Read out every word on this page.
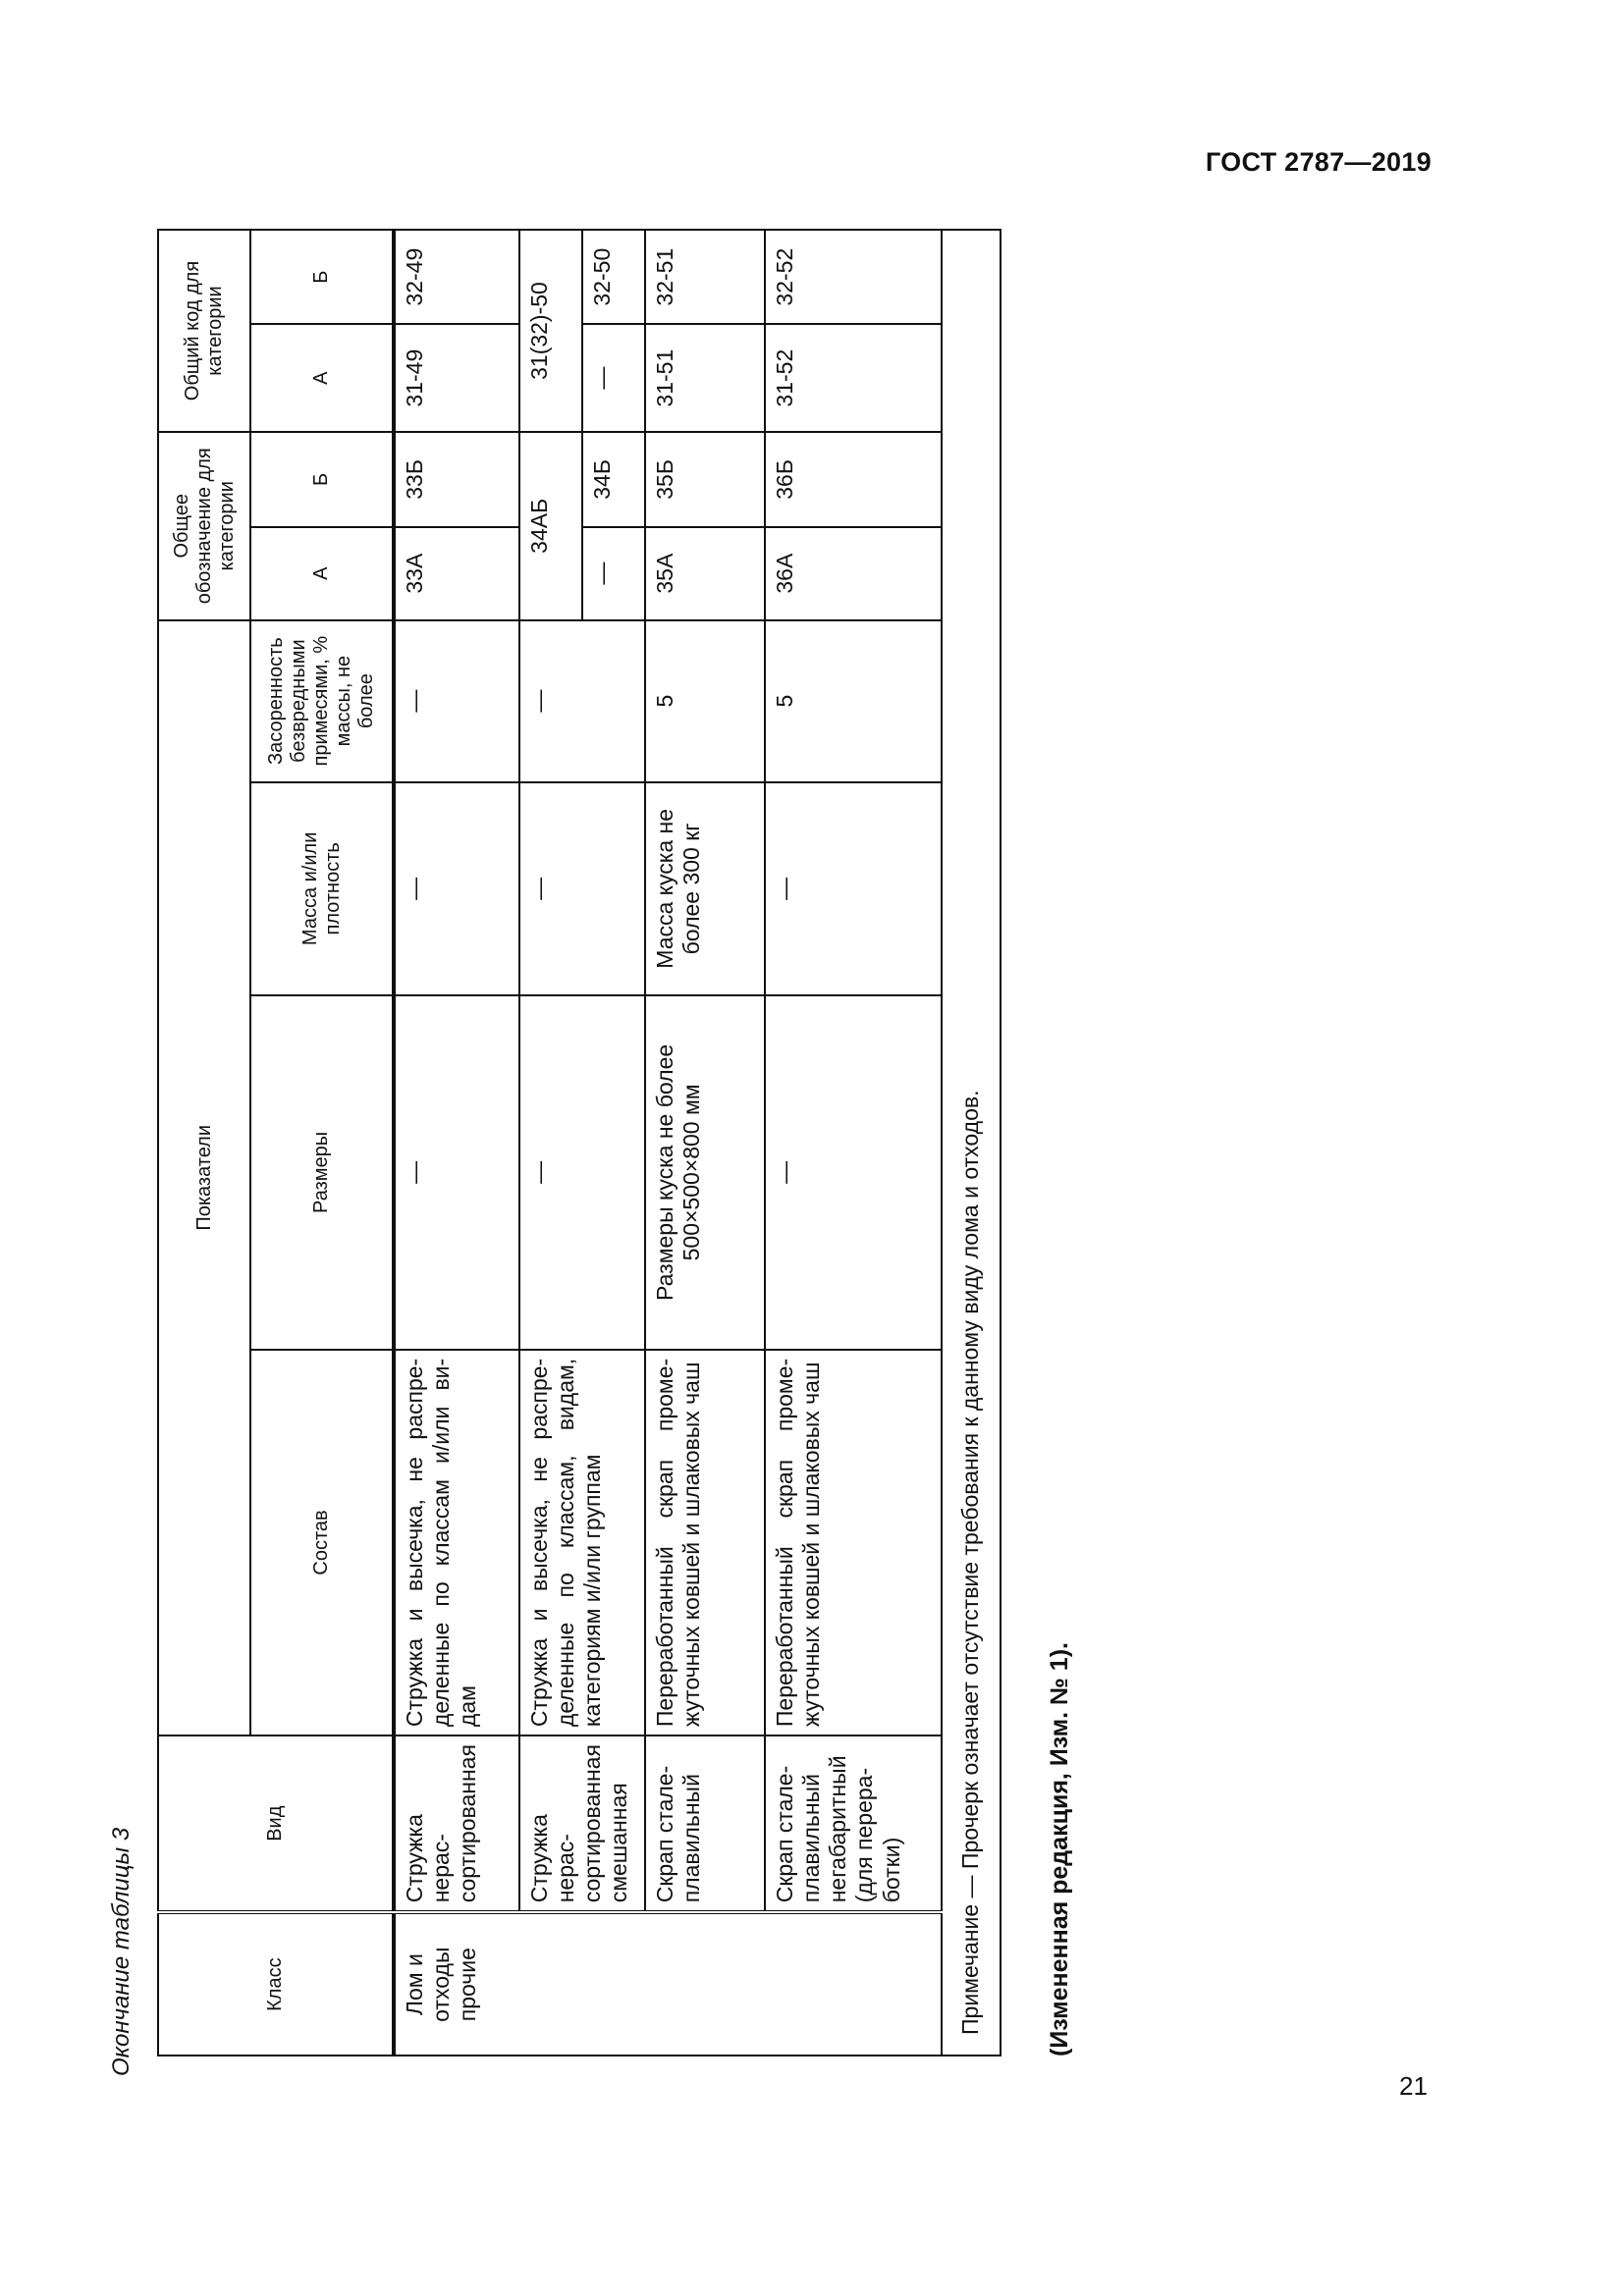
ГОСТ 2787—2019
Окончание таблицы 3	Класс	Вид	Показатели				Общее обозначение для категории		Общий код для категории	
		Состав	Размеры	Масса и/или плотность	Засоренность безвредными примесями, % массы, не более	А	Б	А	Б
Лом и отходы прочие	Стружка нерас-сортированная	Стружка и высечка, не распре-деленные по классам и/или ви-дам	—	—	—	33А	33Б	31-49	32-49
	Стружка нерас-сортированная смешанная	Стружка и высечка, не распре-деленные по классам, видам, категориям и/или группам	—	—	—	34АБ		31(32)-50	
						—	34Б	—	32-50
	Скрап стале-плавильный	Переработанный скрап проме-жуточных ковшей и шлаковых чаш	Размеры куска не более 500×500×800 мм	Масса куска не более 300 кг	5	35А	35Б	31-51	32-51
	Скрап стале-плавильный негабаритный (для перера-ботки)	Переработанный скрап проме-жуточных ковшей и шлаковых чаш	—	—	5	36А	36Б	31-52	32-52
Примечание — Прочерк означает отсутствие требования к данному виду лома и отходов.										(Измененная редакция, Изм. № 1).
21
